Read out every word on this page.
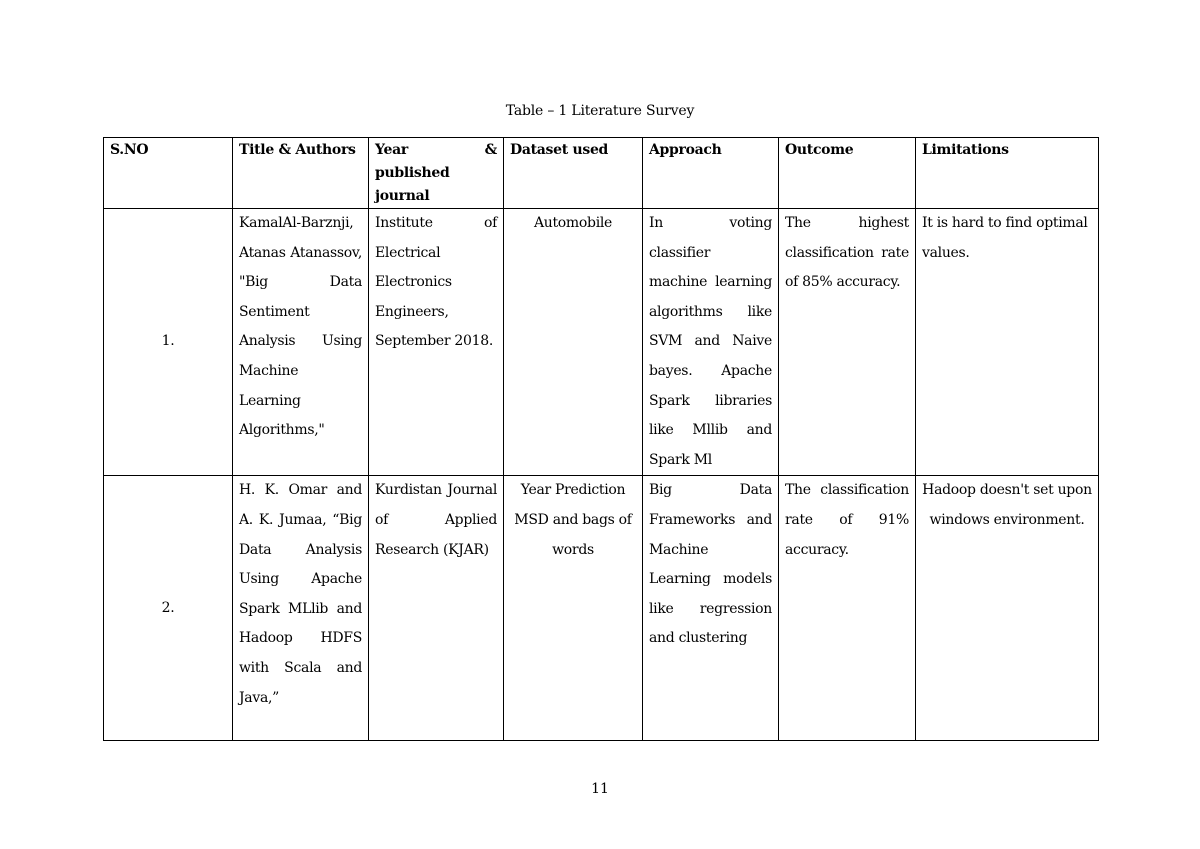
Table – 1 Literature Survey
S.NO	Title & Authors	Year &
published journal	Dataset used	Approach	Outcome	Limitations
1.	KamalAl-Barznji, Atanas Atanassov, "Big Data Sentiment Analysis Using Machine Learning Algorithms,"	Institute of Electrical Electronics Engineers, September 2018.	Automobile	In voting classifier machine learning algorithms like SVM and Naive bayes. Apache Spark libraries like Mllib and Spark Ml	The highest classification rate of 85% accuracy.	It is hard to find optimal values.
2.	H. K. Omar and A. K. Jumaa, “Big Data Analysis Using Apache Spark MLlib and Hadoop HDFS with Scala and Java,”	Kurdistan Journal of Applied Research (KJAR)	Year Prediction MSD and bags of words	Big Data Frameworks and Machine Learning models like regression and clustering	The classification rate of 91% accuracy.	Hadoop doesn't set upon windows environment.
11
